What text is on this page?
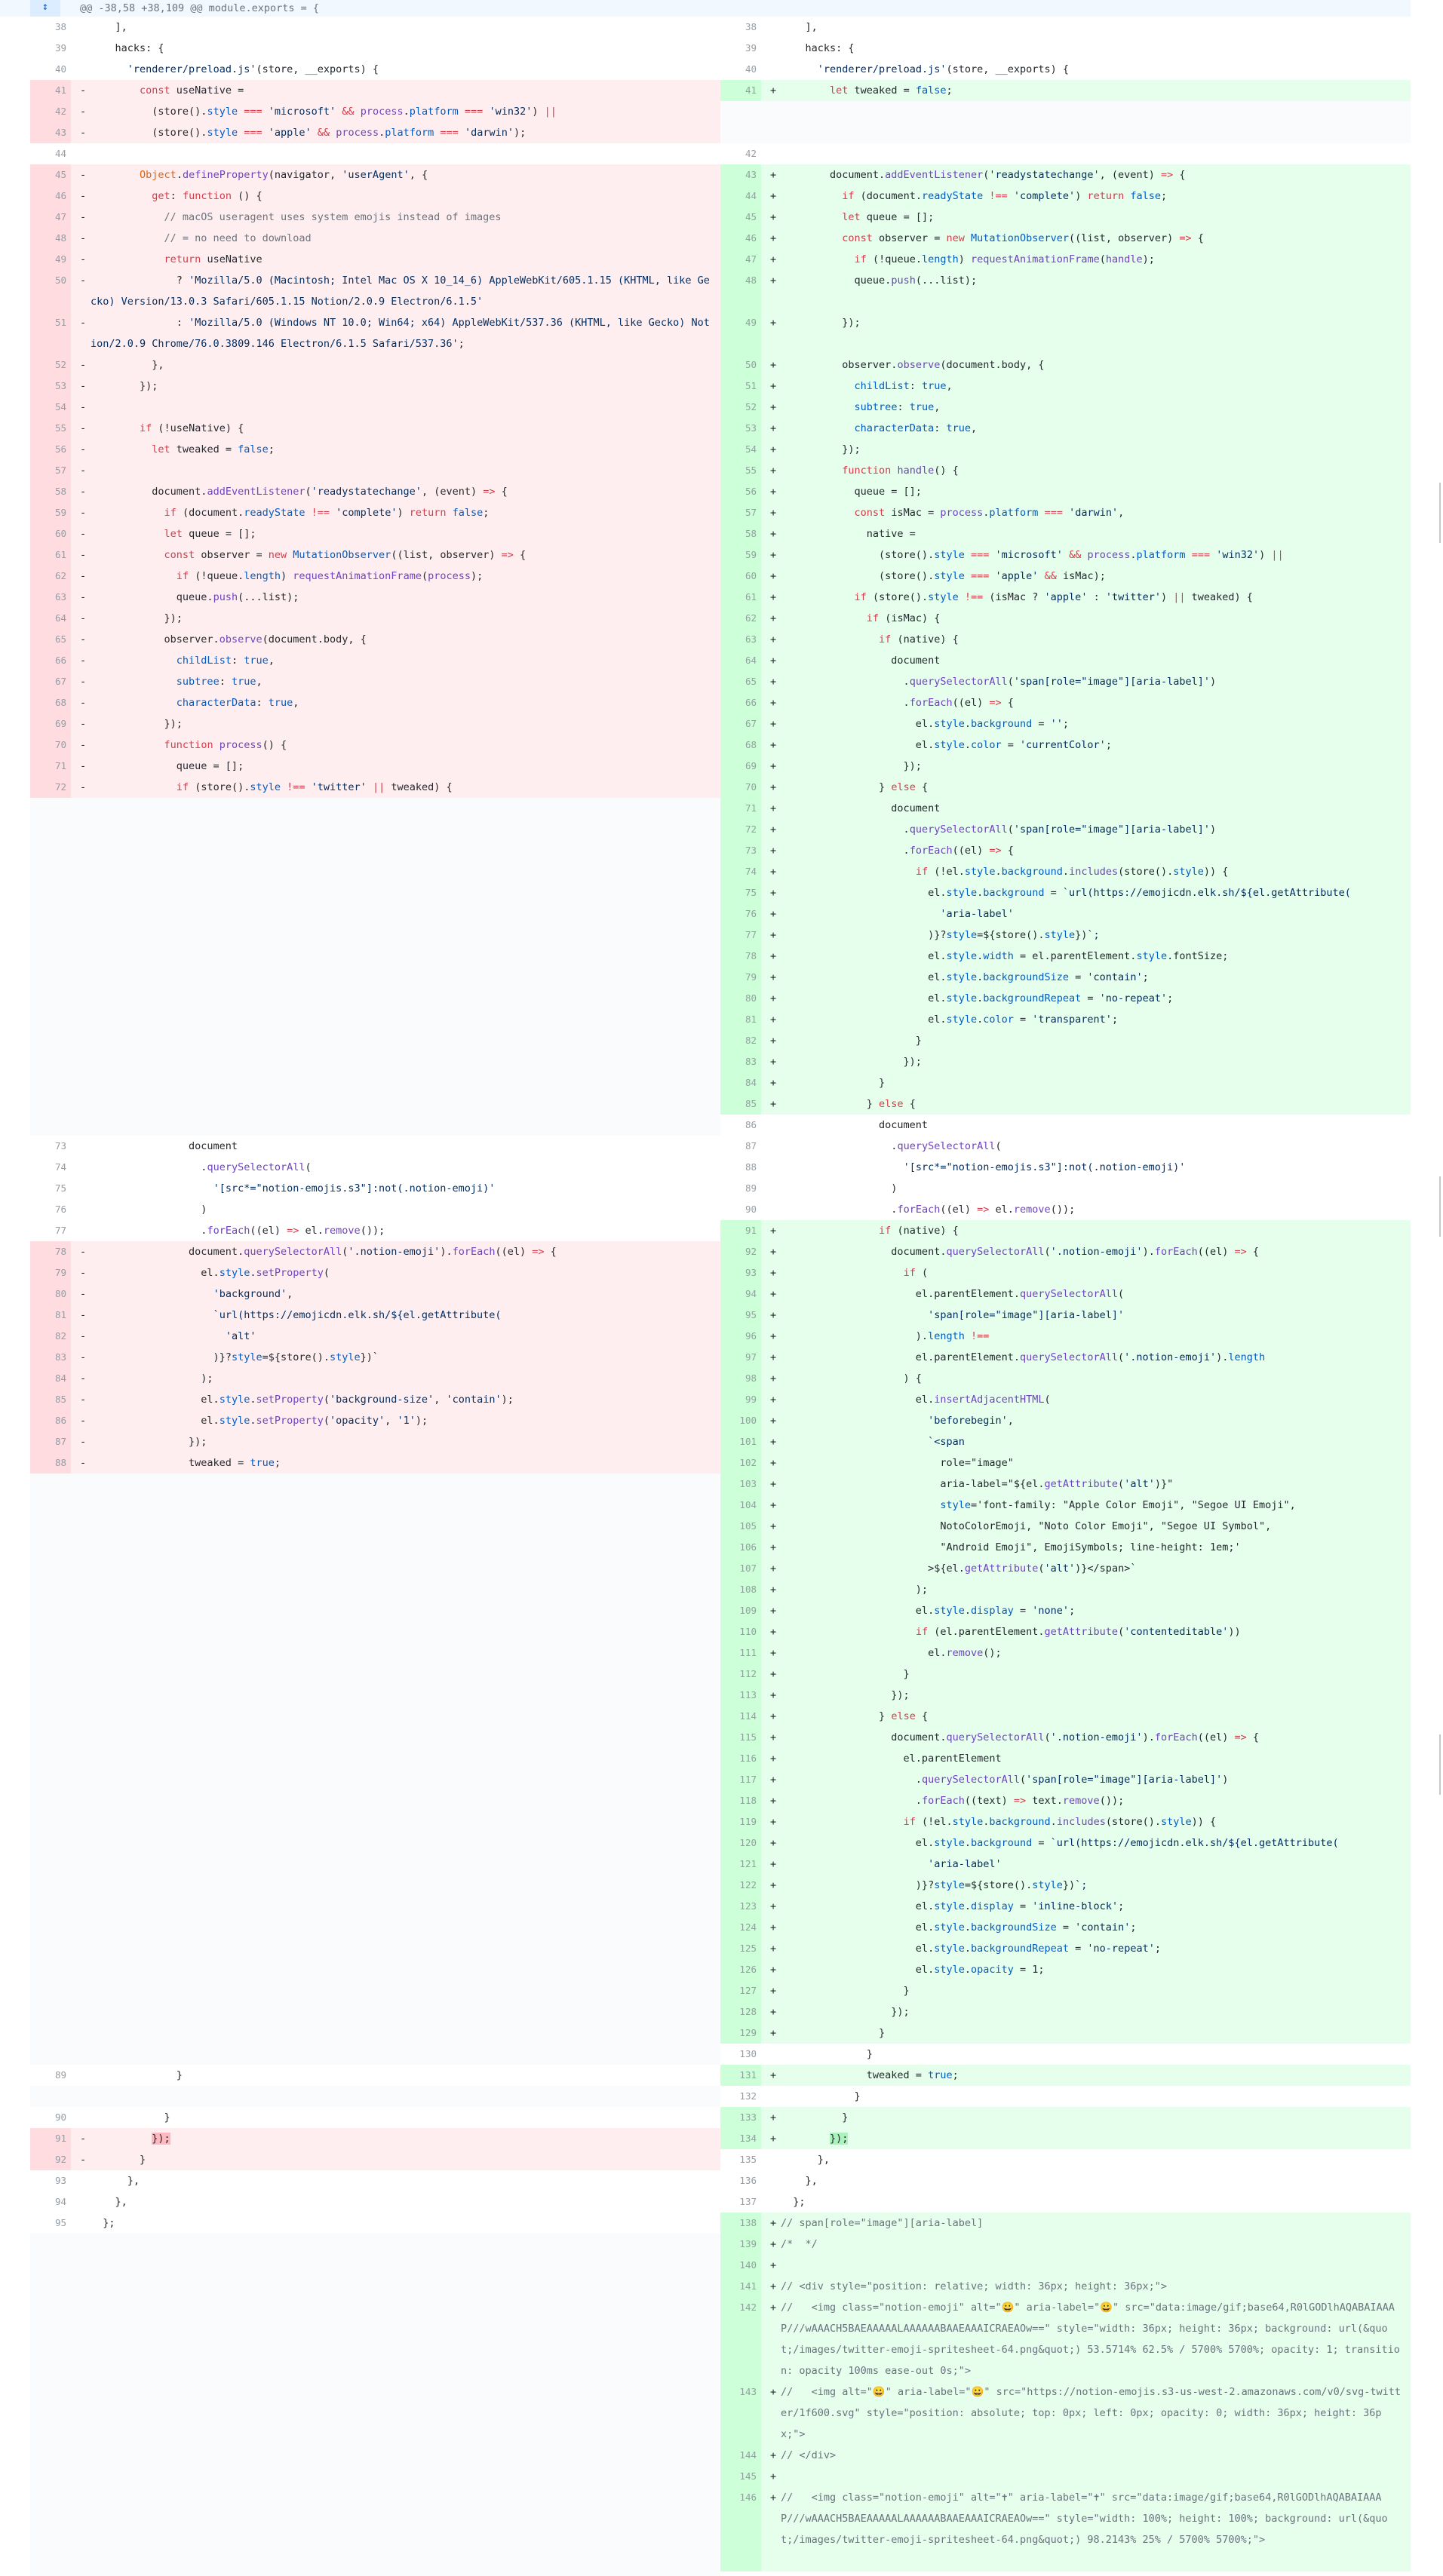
↕	@@ -38,58 +38,109 @@ module.exports = {
38 ],
39 hacks: {
40	'renderer/preload.js'(store, __exports) {
38 ],
39 hacks: {
40	'renderer/preload.js'(store, __exports) {
41 -	const useNative =
42 - (store().style === 'microsoft' && process.platform === 'win32') ||
43 - (store().style === 'apple' && process.platform === 'darwin');
41 +	let tweaked = false;
44	42
45 -	Object.defineProperty(navigator, 'userAgent', {
46 -	get: function () {
47 - // macOS useragent uses system emojis instead of images
48 - // = no need to download
49 -	return useNative
50 - ? 'Mozilla/5.0 (Macintosh; Intel Mac OS X 10_14_6) AppleWebKit/605.1.15 (KHTML, like Gecko) Version/13.0.3 Safari/605.1.15 Notion/2.0.9 Electron/6.1.5'
51 - : 'Mozilla/5.0 (Windows NT 10.0; Win64; x64) AppleWebKit/537.36 (KHTML, like Gecko) Notion/2.0.9 Chrome/76.0.3809.146 Electron/6.1.5 Safari/537.36';
52 - },
53 - });
54 -
55 -	if (!useNative) {
56 -	let tweaked = false;
57 -
58 - document.addEventListener('readystatechange', (event) => {
59 -	if (document.readyState !== 'complete') return false;
60 -	let queue = [];
61 -	const observer = new MutationObserver((list, observer) => {
62 -	if (!queue.length) requestAnimationFrame(process);
63 - queue.push(...list);
64 - });
65 - observer.observe(document.body, {
66 -	childList: true,
67 -	subtree: true,
68 -	characterData: true,
69 - });
70 -	function process() {
71 - queue = [];
72 -	if (store().style !== 'twitter' || tweaked) {
43 + document.addEventListener('readystatechange', (event) => {
44 +	if (document.readyState !== 'complete') return false;
45 +	let queue = [];
46 +	const observer = new MutationObserver((list, observer) => {
47 +	if (!queue.length) requestAnimationFrame(handle);
48 + queue.push(...list);
49 + });
50 + observer.observe(document.body, {
51 +	childList: true,
52 +	subtree: true,
53 +	characterData: true,
54 + });
55 +	function handle() {
56 + queue = [];
57 +	const isMac = process.platform === 'darwin',
58 + native =
59 + (store().style === 'microsoft' && process.platform === 'win32') ||
60 + (store().style === 'apple' && isMac);
61 +	if (store().style !== (isMac ? 'apple' : 'twitter') || tweaked) {
62 +	if (isMac) {
63 +	if (native) {
64 + document
65 + .querySelectorAll('span[role="image"][aria-label]')
66 + .forEach((el) => {
67 + el.style.background = '';
68 + el.style.color = 'currentColor';
69 + });
70 + } else {
71 + document
72 + .querySelectorAll('span[role="image"][aria-label]')
73 + .forEach((el) => {
74 +	if (!el.style.background.includes(store().style)) {
75 + el.style.background = `url(https://emojicdn.elk.sh/${el.getAttribute(
76 +	'aria-label'
77 + )}?style=${store().style})`;
78 + el.style.width = el.parentElement.style.fontSize;
79 + el.style.backgroundSize = 'contain';
80 + el.style.backgroundRepeat = 'no-repeat';
81 + el.style.color = 'transparent';
82 + }
83 + });
84 + }
85 + } else {
73 document
74 .querySelectorAll(
75	'[src*="notion-emojis.s3"]:not(.notion-emoji)'
76 )
77 .forEach((el) => el.remove());
86 document
87 .querySelectorAll(
88	'[src*="notion-emojis.s3"]:not(.notion-emoji)'
89 )
90 .forEach((el) => el.remove());
78 - document.querySelectorAll('.notion-emoji').forEach((el) => {
79 - el.style.setProperty(
80 -	'background',
81 -	`url(https://emojicdn.elk.sh/${el.getAttribute(
82 -	'alt'
83 - )}?style=${store().style})`
84 - );
85 - el.style.setProperty('background-size', 'contain');
86 - el.style.setProperty('opacity', '1');
87 - });
88 - tweaked = true;
91 +	if (native) {
92 + document.querySelectorAll('.notion-emoji').forEach((el) => {
93 +	if (
94 + el.parentElement.querySelectorAll(
95 +	'span[role="image"][aria-label]'
96 + ).length !==
97 + el.parentElement.querySelectorAll('.notion-emoji').length
98 + ) {
99 + el.insertAdjacentHTML(
100 +	'beforebegin',
101 +	`<span
102 + role="image"
103 + aria-label="${el.getAttribute('alt')}"
104 +	style='font-family: "Apple Color Emoji", "Segoe UI Emoji",
105 + NotoColorEmoji, "Noto Color Emoji", "Segoe UI Symbol",
106 + "Android Emoji", EmojiSymbols; line-height: 1em;'
107 + >${el.getAttribute('alt')}</span>`
108 + );
109 + el.style.display = 'none';
110 +	if (el.parentElement.getAttribute('contenteditable'))
111 + el.remove();
112 + }
113 + });
114 + } else {
115 + document.querySelectorAll('.notion-emoji').forEach((el) => {
116 + el.parentElement
117 + .querySelectorAll('span[role="image"][aria-label]')
118 + .forEach((text) => text.remove());
119 +	if (!el.style.background.includes(store().style)) {
120 + el.style.background = `url(https://emojicdn.elk.sh/${el.getAttribute(
121 +	'aria-label'
122 + )}?style=${store().style})`;
123 + el.style.display = 'inline-block';
124 + el.style.backgroundSize = 'contain';
125 + el.style.backgroundRepeat = 'no-repeat';
126 + el.style.opacity = 1;
127 + }
128 + });
129 + }
89 }
130 }
131 + tweaked = true;
90 }
132 }
91 -	});
92 - }
133 + }
134 +	});
93 },
94 },
95 };
135 },
136 },
137 };
138 + // span[role="image"][aria-label]
139 + /*  */
140 +
141 + // <div style="position: relative; width: 36px; height: 36px;">
142 + //   <img class="notion-emoji" alt="😀" aria-label="😀" src="data:image/gif;base64,R0lGODlhAQABAIAAAP///wAAACH5BAEAAAAALAAAAAABAAEAAAICRAEAOw==" style="width: 36px; height: 36px; background: url(&quot;/images/twitter-emoji-spritesheet-64.png&quot;) 53.5714% 62.5% / 5700% 5700%; opacity: 1; transition: opacity 100ms ease-out 0s;">
143 + //   <img alt="😀" aria-label="😀" src="https://notion-emojis.s3-us-west-2.amazonaws.com/v0/svg-twitter/1f600.svg" style="position: absolute; top: 0px; left: 0px; opacity: 0; width: 36px; height: 36px;">
144 + // </div>
145 +
146 + //   <img class="notion-emoji" alt="✝" aria-label="✝" src="data:image/gif;base64,R0lGODlhAQABAIAAAP///wAAACH5BAEAAAAALAAAAAABAAEAAAICRAEAOw==" style="width: 100%; height: 100%; background: url(&quot;/images/twitter-emoji-spritesheet-64.png&quot;) 98.2143% 25% / 5700% 5700%;">
